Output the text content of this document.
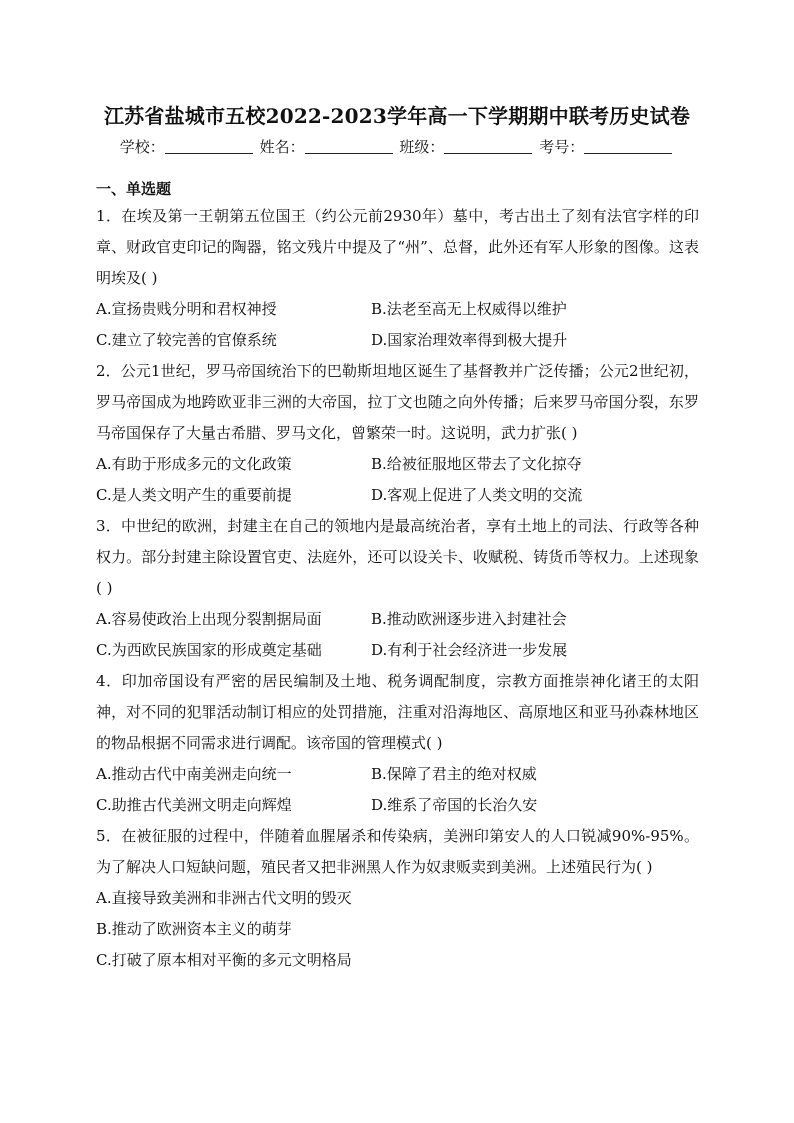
江苏省盐城市五校2022-2023学年高一下学期期中联考历史试卷
学校：	姓名：	班级：	考号：
一、单选题

1．在埃及第一王朝第五位国王（约公元前2930年）墓中，考古出土了刻有法官字样的印章、财政官吏印记的陶器，铭文残片中提及了“州”、总督，此外还有军人形象的图像。这表明埃及( )

A.宣扬贵贱分明和君权神授	B.法老至高无上权威得以维护
C.建立了较完善的官僚系统	D.国家治理效率得到极大提升

2．公元1世纪，罗马帝国统治下的巴勒斯坦地区诞生了基督教并广泛传播；公元2世纪初，罗马帝国成为地跨欧亚非三洲的大帝国，拉丁文也随之向外传播；后来罗马帝国分裂，东罗马帝国保存了大量古希腊、罗马文化，曾繁荣一时。这说明，武力扩张( )

A.有助于形成多元的文化政策	B.给被征服地区带去了文化掠夺
C.是人类文明产生的重要前提	D.客观上促进了人类文明的交流

3．中世纪的欧洲，封建主在自己的领地内是最高统治者，享有土地上的司法、行政等各种权力。部分封建主除设置官吏、法庭外，还可以设关卡、收赋税、铸货币等权力。上述现象( )

A.容易使政治上出现分裂割据局面	B.推动欧洲逐步进入封建社会
C.为西欧民族国家的形成奠定基础	D.有利于社会经济进一步发展

4．印加帝国设有严密的居民编制及土地、税务调配制度，宗教方面推崇神化诸王的太阳神，对不同的犯罪活动制订相应的处罚措施，注重对沿海地区、高原地区和亚马孙森林地区的物品根据不同需求进行调配。该帝国的管理模式( )

A.推动古代中南美洲走向统一	B.保障了君主的绝对权威
C.助推古代美洲文明走向辉煌	D.维系了帝国的长治久安

5．在被征服的过程中，伴随着血腥屠杀和传染病，美洲印第安人的人口锐减90%-95%。为了解决人口短缺问题，殖民者又把非洲黑人作为奴隶贩卖到美洲。上述殖民行为( )

A.直接导致美洲和非洲古代文明的毁灭
B.推动了欧洲资本主义的萌芽
C.打破了原本相对平衡的多元文明格局
